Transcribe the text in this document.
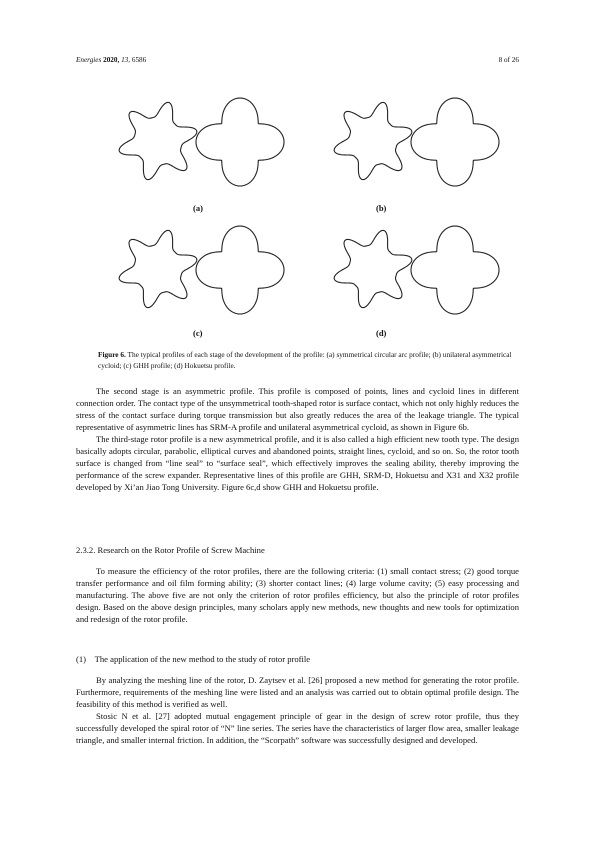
Energies 2020, 13, 6586	8 of 26
(a)	(b)
(c)	(d)
Figure 6. The typical profiles of each stage of the development of the profile: (a) symmetrical circular arc profile; (b) unilateral asymmetrical cycloid; (c) GHH profile; (d) Hokuetsu profile.

The second stage is an asymmetric profile. This profile is composed of points, lines and cycloid lines in different connection order. The contact type of the unsymmetrical tooth-shaped rotor is surface contact, which not only highly reduces the stress of the contact surface during torque transmission but also greatly reduces the area of the leakage triangle. The typical representative of asymmetric lines has SRM-A profile and unilateral asymmetrical cycloid, as shown in Figure 6b.

The third-stage rotor profile is a new asymmetrical profile, and it is also called a high efficient new tooth type. The design basically adopts circular, parabolic, elliptical curves and abandoned points, straight lines, cycloid, and so on. So, the rotor tooth surface is changed from “line seal” to “surface seal”, which effectively improves the sealing ability, thereby improving the performance of the screw expander. Representative lines of this profile are GHH, SRM-D, Hokuetsu and X31 and X32 profile developed by Xi’an Jiao Tong University. Figure 6c,d show GHH and Hokuetsu profile.

2.3.2. Research on the Rotor Profile of Screw Machine

To measure the efficiency of the rotor profiles, there are the following criteria: (1) small contact stress; (2) good torque transfer performance and oil film forming ability; (3) shorter contact lines; (4) large volume cavity; (5) easy processing and manufacturing. The above five are not only the criterion of rotor profiles efficiency, but also the principle of rotor profiles design. Based on the above design principles, many scholars apply new methods, new thoughts and new tools for optimization and redesign of the rotor profile.

(1) The application of the new method to the study of rotor profile

By analyzing the meshing line of the rotor, D. Zaytsev et al. [26] proposed a new method for generating the rotor profile. Furthermore, requirements of the meshing line were listed and an analysis was carried out to obtain optimal profile design. The feasibility of this method is verified as well.

Stosic N et al. [27] adopted mutual engagement principle of gear in the design of screw rotor profile, thus they successfully developed the spiral rotor of “N” line series. The series have the characteristics of larger flow area, smaller leakage triangle, and smaller internal friction. In addition, the “Scorpath” software was successfully designed and developed.
